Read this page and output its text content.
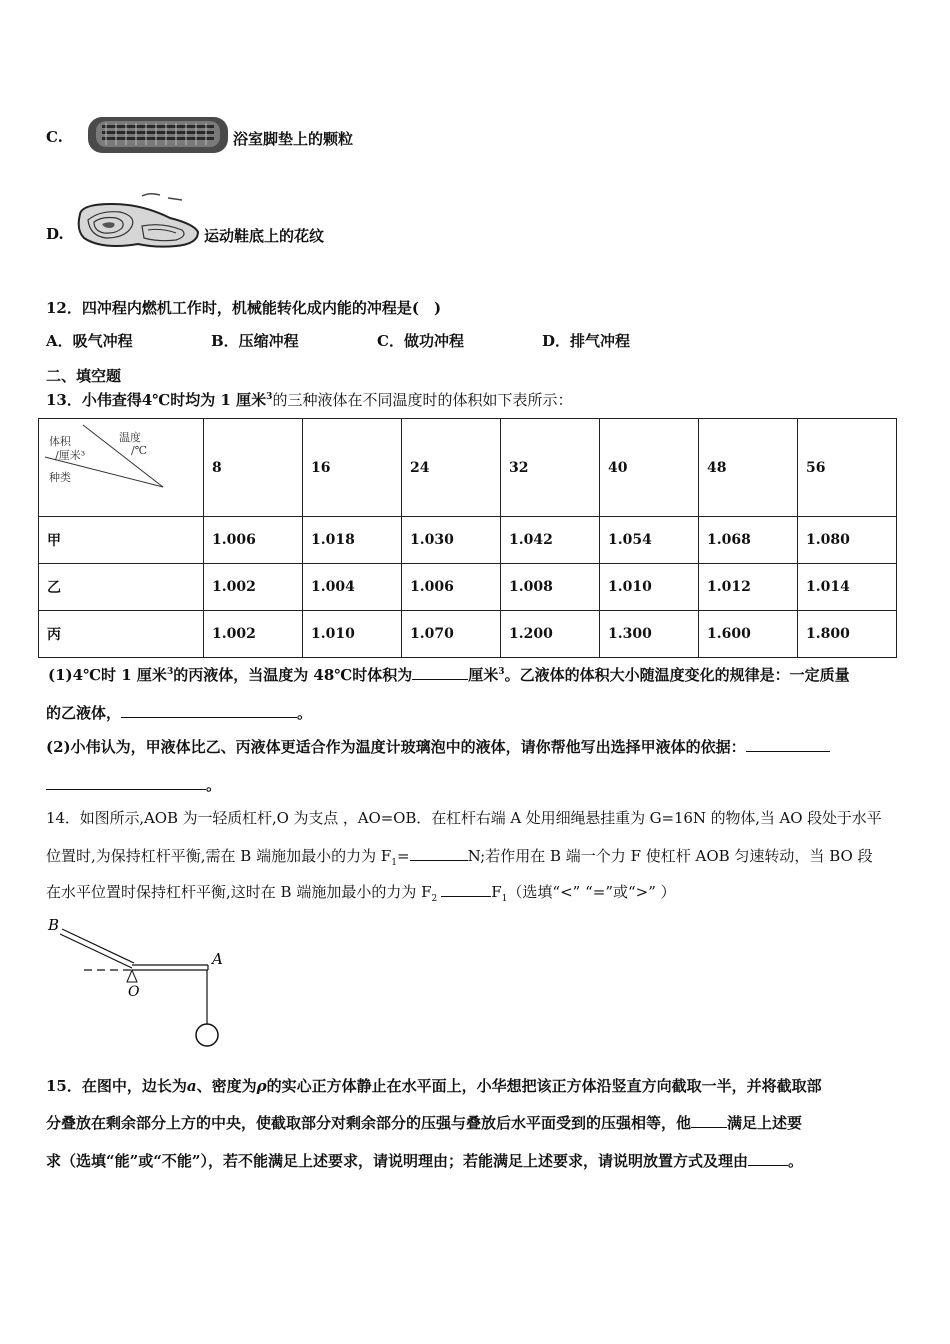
C.	浴室脚垫上的颗粒
D.	运动鞋底上的花纹
12．四冲程内燃机工作时，机械能转化成内能的冲程是(　)
A．吸气冲程	B．压缩冲程	C．做功冲程	D．排气冲程
二、填空题
13．小伟查得4℃时均为 1 厘米$^3$的三种液体在不同温度时的体积如下表所示：
温度
/℃
体积
/厘米³
种类	8	16	24	32	40	48	56
甲	1.006	1.018	1.030	1.042	1.054	1.068	1.080
乙	1.002	1.004	1.006	1.008	1.010	1.012	1.014
丙	1.002	1.010	1.070	1.200	1.300	1.600	1.800
(1)4℃时 1 厘米$^3$的丙液体，当温度为 48℃时体积为	厘米$^3$。乙液体的体积大小随温度变化的规律是：一定质量
的乙液体，	。
(2)小伟认为，甲液体比乙、丙液体更适合作为温度计玻璃泡中的液体，请你帮他写出选择甲液体的依据：
。
14．如图所示,AOB 为一轻质杠杆,O 为支点 ，AO=OB．在杠杆右端 A 处用细绳悬挂重为 G=16N 的物体,当 AO 段处于水平
位置时,为保持杠杆平衡,需在 B 端施加最小的力为 $F_1=$	N;若作用在 B 端一个力 F 使杠杆 AOB 匀速转动，当 BO 段
在水平位置时保持杠杆平衡,这时在 B 端施加最小的力为 $F_2$	$F_1$（选填“<” “=”或“>” ）
B
A
O
15．在图中，边长为a、密度为ρ的实心正方体静止在水平面上，小华想把该正方体沿竖直方向截取一半，并将截取部
分叠放在剩余部分上方的中央，使截取部分对剩余部分的压强与叠放后水平面受到的压强相等，他 满足上述要
求（选填“能”或“不能”），若不能满足上述要求，请说明理由；若能满足上述要求，请说明放置方式及理由	。
